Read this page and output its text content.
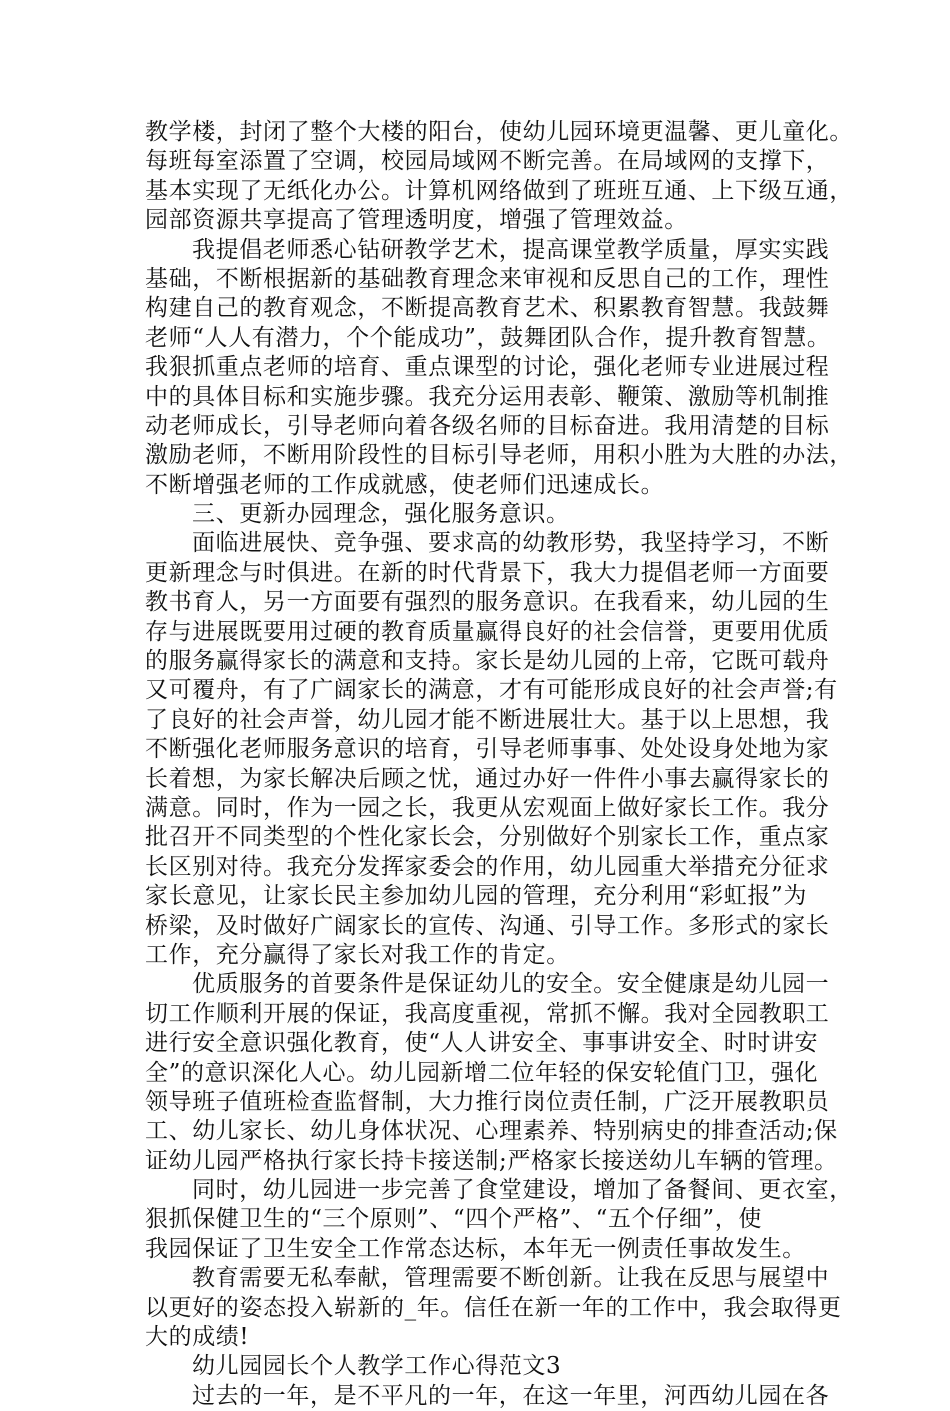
教学楼，封闭了整个大楼的阳台，使幼儿园环境更温馨、更儿童化。
每班每室添置了空调，校园局域网不断完善。在局域网的支撑下，
基本实现了无纸化办公。计算机网络做到了班班互通、上下级互通，
园部资源共享提高了管理透明度，增强了管理效益。
我提倡老师悉心钻研教学艺术，提高课堂教学质量，厚实实践
基础，不断根据新的基础教育理念来审视和反思自己的工作，理性
构建自己的教育观念，不断提高教育艺术、积累教育智慧。我鼓舞
老师“人人有潜力，个个能成功”，鼓舞团队合作，提升教育智慧。
我狠抓重点老师的培育、重点课型的讨论，强化老师专业进展过程
中的具体目标和实施步骤。我充分运用表彰、鞭策、激励等机制推
动老师成长，引导老师向着各级名师的目标奋进。我用清楚的目标
激励老师，不断用阶段性的目标引导老师，用积小胜为大胜的办法，
不断增强老师的工作成就感，使老师们迅速成长。
三、更新办园理念，强化服务意识。
面临进展快、竞争强、要求高的幼教形势，我坚持学习，不断
更新理念与时俱进。在新的时代背景下，我大力提倡老师一方面要
教书育人，另一方面要有强烈的服务意识。在我看来，幼儿园的生
存与进展既要用过硬的教育质量赢得良好的社会信誉，更要用优质
的服务赢得家长的满意和支持。家长是幼儿园的上帝，它既可载舟
又可覆舟，有了广阔家长的满意，才有可能形成良好的社会声誉;有
了良好的社会声誉，幼儿园才能不断进展壮大。基于以上思想，我
不断强化老师服务意识的培育，引导老师事事、处处设身处地为家
长着想，为家长解决后顾之忧，通过办好一件件小事去赢得家长的
满意。同时，作为一园之长，我更从宏观面上做好家长工作。我分
批召开不同类型的个性化家长会，分别做好个别家长工作，重点家
长区别对待。我充分发挥家委会的作用，幼儿园重大举措充分征求
家长意见，让家长民主参加幼儿园的管理，充分利用“彩虹报”为
桥梁，及时做好广阔家长的宣传、沟通、引导工作。多形式的家长
工作，充分赢得了家长对我工作的肯定。
优质服务的首要条件是保证幼儿的安全。安全健康是幼儿园一
切工作顺利开展的保证，我高度重视，常抓不懈。我对全园教职工
进行安全意识强化教育，使“人人讲安全、事事讲安全、时时讲安
全”的意识深化人心。幼儿园新增二位年轻的保安轮值门卫，强化
领导班子值班检查监督制，大力推行岗位责任制，广泛开展教职员
工、幼儿家长、幼儿身体状况、心理素养、特别病史的排查活动;保
证幼儿园严格执行家长持卡接送制;严格家长接送幼儿车辆的管理。
同时，幼儿园进一步完善了食堂建设，增加了备餐间、更衣室，
狠抓保健卫生的“三个原则”、“四个严格”、“五个仔细”，使
我园保证了卫生安全工作常态达标，本年无一例责任事故发生。
教育需要无私奉献，管理需要不断创新。让我在反思与展望中
以更好的姿态投入崭新的_年。信任在新一年的工作中，我会取得更
大的成绩!
幼儿园园长个人教学工作心得范文3
过去的一年，是不平凡的一年，在这一年里，河西幼儿园在各
